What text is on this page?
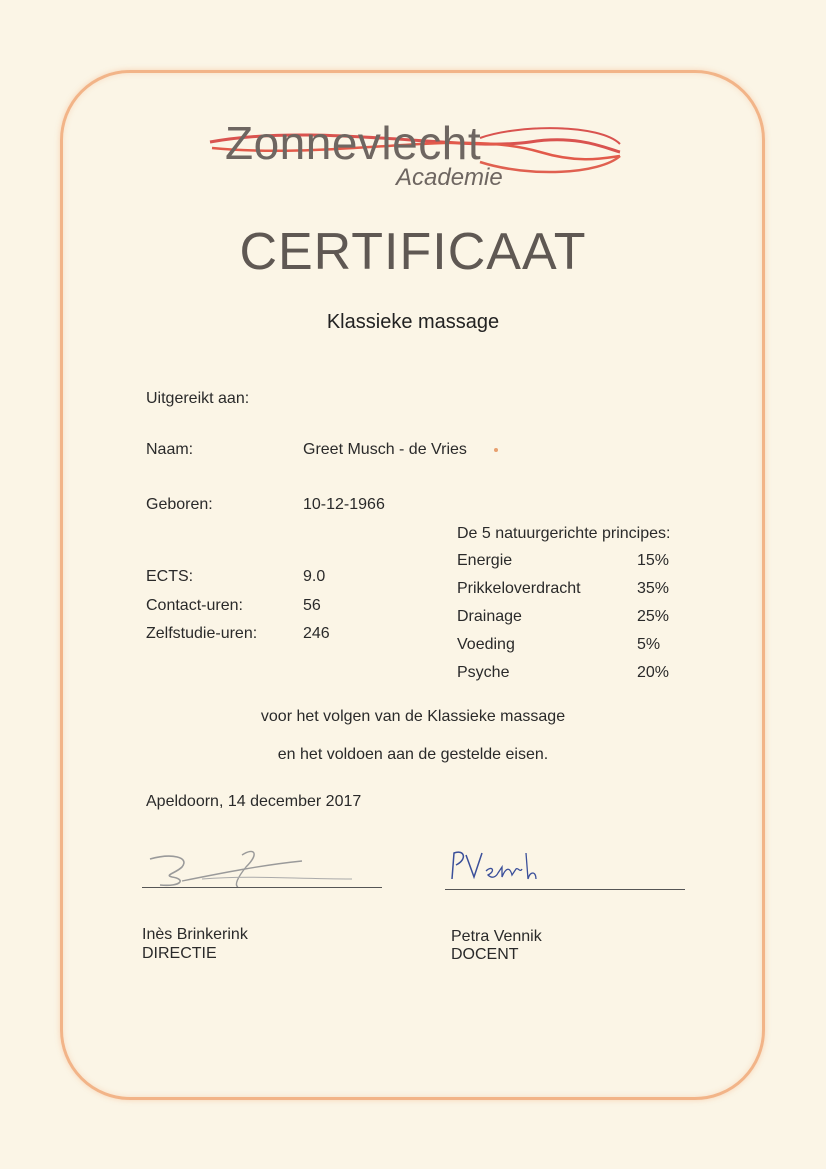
Zonnevlecht
Academie
CERTIFICAAT
Klassieke massage
Uitgereikt aan:
Naam:	Greet Musch - de Vries
Geboren:	10-12-1966
ECTS:	9.0
Contact-uren:	56
Zelfstudie-uren:	246
De 5 natuurgerichte principes:
Energie	15%
Prikkeloverdracht	35%
Drainage	25%
Voeding	5%
Psyche	20%
voor het volgen van de Klassieke massage
en het voldoen aan de gestelde eisen.
Apeldoorn, 14 december 2017
Inès Brinkerink
DIRECTIE
Petra Vennik
DOCENT
